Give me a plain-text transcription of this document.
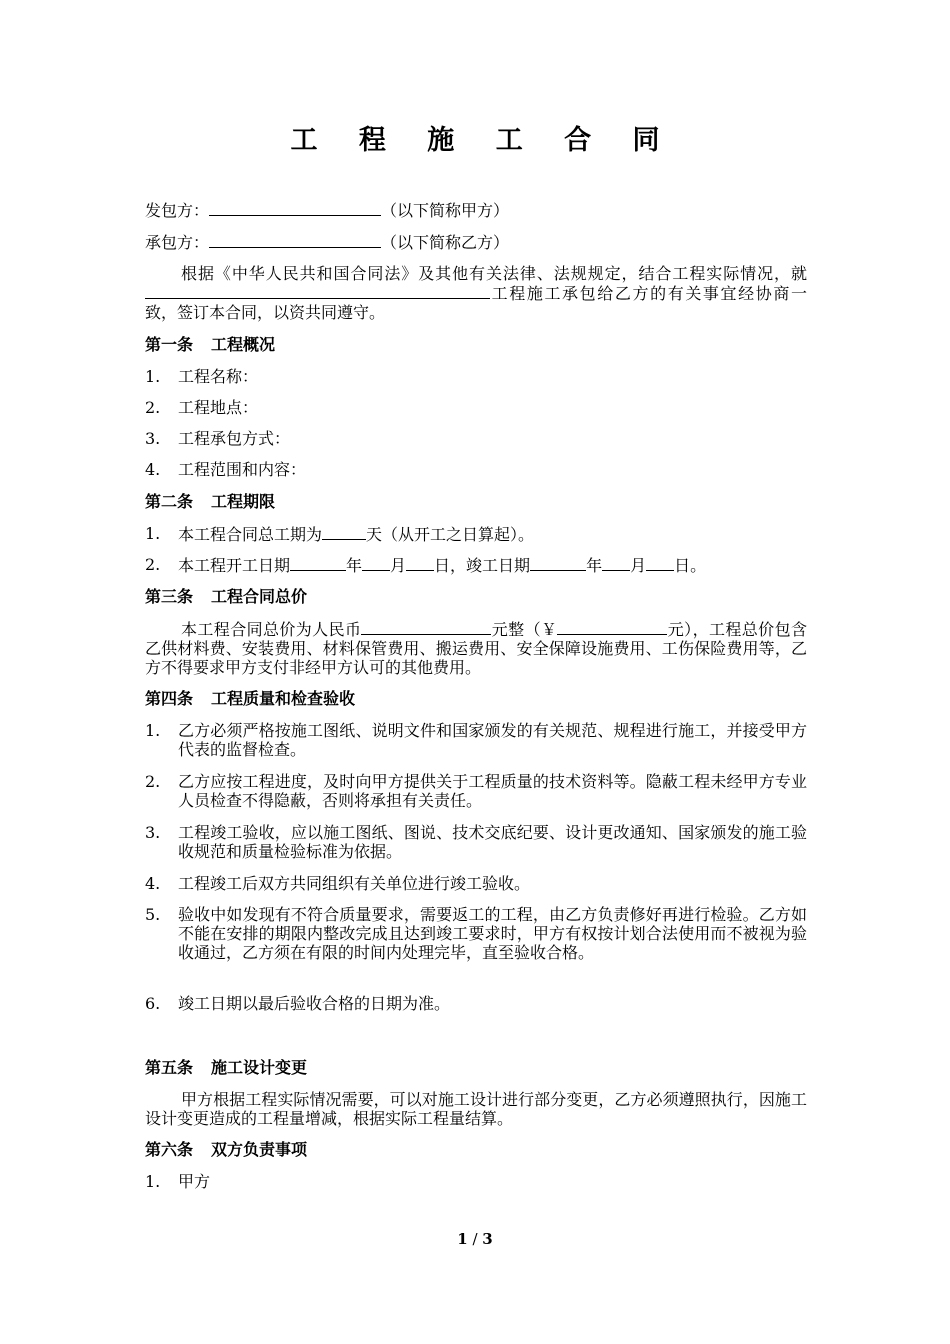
工 程 施 工 合 同
发包方：	（以下简称甲方）
承包方：	（以下简称乙方）
根据《中华人民共和国合同法》及其他有关法律、法规规定，结合工程实际情况，就工程施工承包给乙方的有关事宜经协商一致，签订本合同，以资共同遵守。
第一条 工程概况
1. 工程名称：
2. 工程地点：
3. 工程承包方式：
4. 工程范围和内容：
第二条 工程期限
1. 本工程合同总工期为	天（从开工之日算起）。
2. 本工程开工日期	年 月 日，竣工日期	年 月 日。
第三条 工程合同总价
本工程合同总价为人民币	元整（￥	元），工程总价包含乙供材料费、安装费用、材料保管费用、搬运费用、安全保障设施费用、工伤保险费用等，乙方不得要求甲方支付非经甲方认可的其他费用。
第四条 工程质量和检查验收
1. 乙方必须严格按施工图纸、说明文件和国家颁发的有关规范、规程进行施工，并接受甲方代表的监督检查。
2. 乙方应按工程进度，及时向甲方提供关于工程质量的技术资料等。隐蔽工程未经甲方专业人员检查不得隐蔽，否则将承担有关责任。
3. 工程竣工验收，应以施工图纸、图说、技术交底纪要、设计更改通知、国家颁发的施工验收规范和质量检验标准为依据。
4. 工程竣工后双方共同组织有关单位进行竣工验收。
5. 验收中如发现有不符合质量要求，需要返工的工程，由乙方负责修好再进行检验。乙方如不能在安排的期限内整改完成且达到竣工要求时，甲方有权按计划合法使用而不被视为验收通过，乙方须在有限的时间内处理完毕，直至验收合格。
6. 竣工日期以最后验收合格的日期为准。
第五条 施工设计变更
甲方根据工程实际情况需要，可以对施工设计进行部分变更，乙方必须遵照执行，因施工设计变更造成的工程量增减，根据实际工程量结算。
第六条 双方负责事项
1. 甲方
1 / 3
